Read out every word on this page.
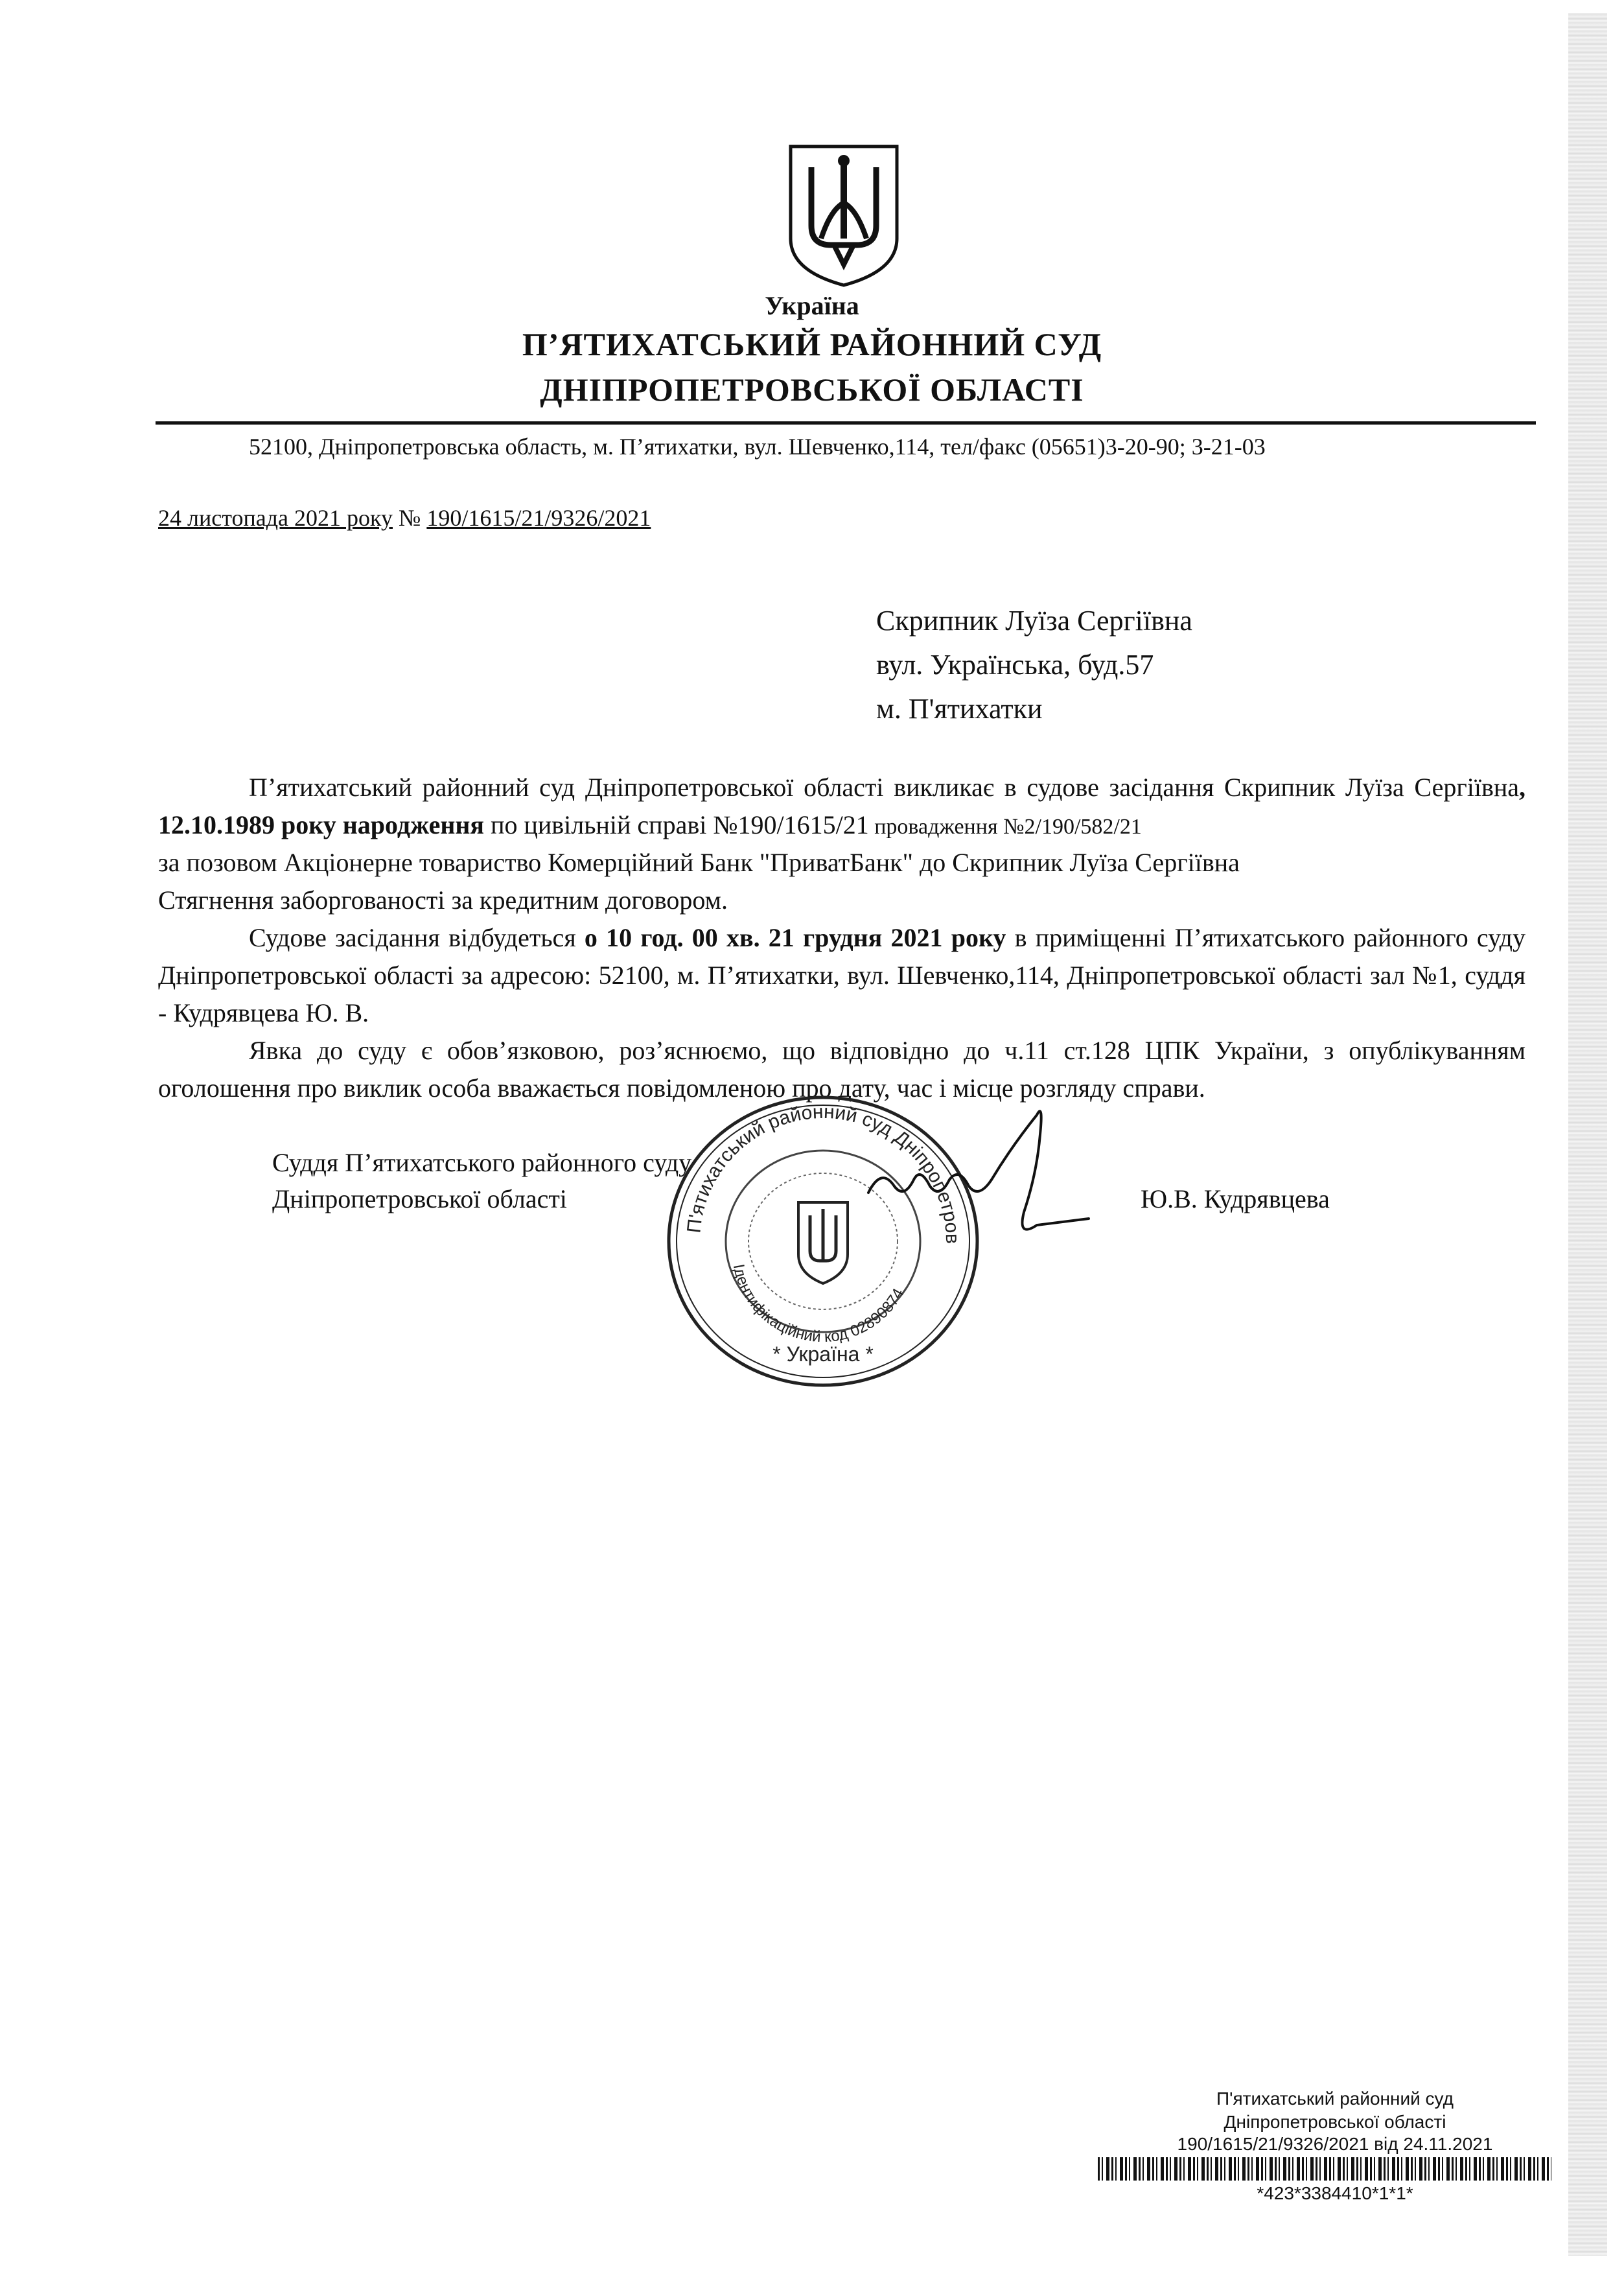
Україна
П’ЯТИХАТСЬКИЙ РАЙОННИЙ СУД
ДНІПРОПЕТРОВСЬКОЇ ОБЛАСТІ
52100, Дніпропетровська область, м. П’ятихатки, вул. Шевченко,114, тел/факс (05651)3-20-90; 3-21-03
24 листопада 2021 року № 190/1615/21/9326/2021
Скрипник Луїза Сергіївна
вул. Українська, буд.57
м. П'ятихатки
П’ятихатський районний суд Дніпропетровської області викликає в судове засідання Скрипник Луїза Сергіївна, 12.10.1989 року народження по цивільній справі №190/1615/21 провадження №2/190/582/21
за позовом Акціонерне товариство Комерційний Банк "ПриватБанк" до Скрипник Луїза Сергіївна
Стягнення заборгованості за кредитним договором.
Судове засідання відбудеться о 10 год. 00 хв. 21 грудня 2021 року в приміщенні П’ятихатського районного суду Дніпропетровської області за адресою: 52100, м. П’ятихатки, вул. Шевченко,114, Дніпропетровської області зал №1, суддя - Кудрявцева Ю. В.
Явка до суду є обов’язковою, роз’яснюємо, що відповідно до ч.11 ст.128 ЦПК України, з опублікуванням оголошення про виклик особа вважається повідомленою про дату, час і місце розгляду справи.
Суддя П’ятихатського районного суду
Дніпропетровської області	Ю.В. Кудрявцева
П'ятихатський районний суд Дніпропетров
Ідентифікаційний код 02890874
* Україна *
П'ятихатський районний суд
Дніпропетровської області
190/1615/21/9326/2021 від 24.11.2021
*423*3384410*1*1*
